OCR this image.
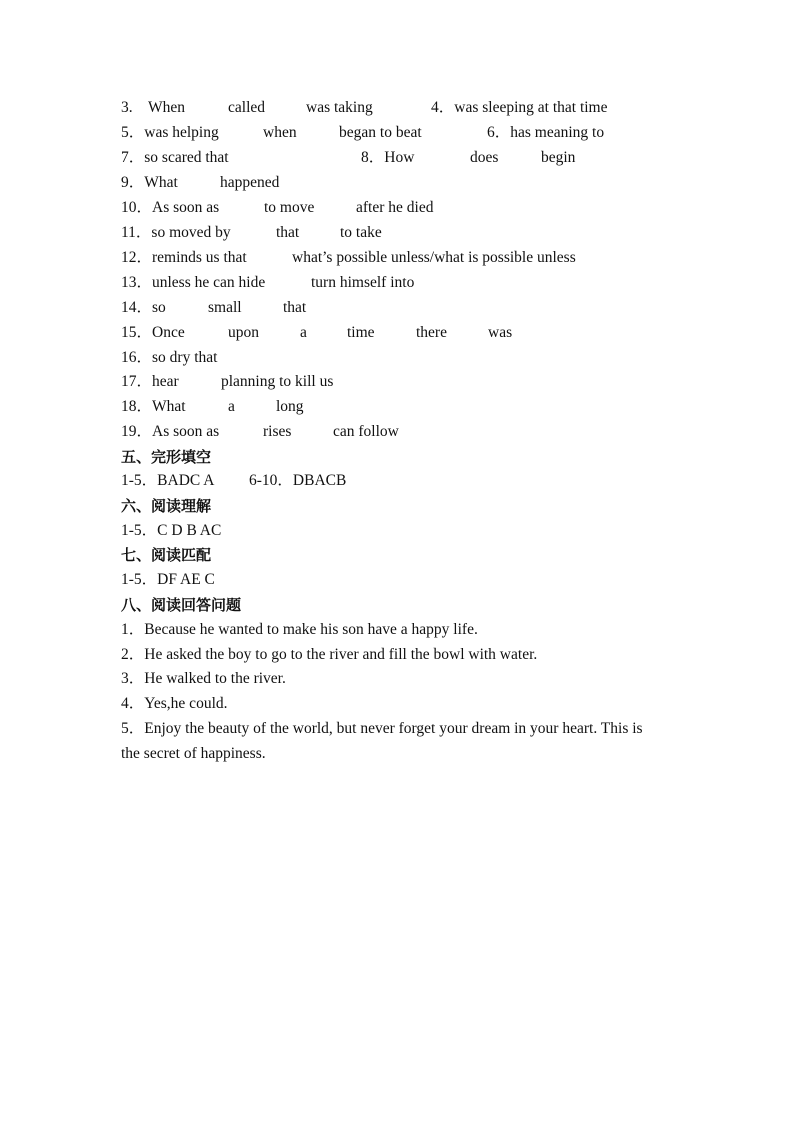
3. When	called	was taking	4．was sleeping at that time
5．was helping	when	began to beat	6．has meaning to
7．so scared that	8．How	does	begin
9．What	happened
10．As soon as	to move	after he died
11．so moved by	that	to take
12．reminds us that	what’s possible unless/what is possible unless
13．unless he can hide	turn himself into
14．so	small	that
15．Once	upon	a	time	there	was
16．so dry that
17．hear	planning to kill us
18．What	a	long
19．As soon as	rises	can follow
五、完形填空
1-5．BADC A 6-10．DBACB
六、阅读理解
1-5．C D B AC
七、阅读匹配
1-5．DF AE C
八、阅读回答问题
1．Because he wanted to make his son have a happy life.
2．He asked the boy to go to the river and fill the bowl with water.
3．He walked to the river.
4．Yes,he could.
5．Enjoy the beauty of the world, but never forget your dream in your heart. This is
the secret of happiness.
